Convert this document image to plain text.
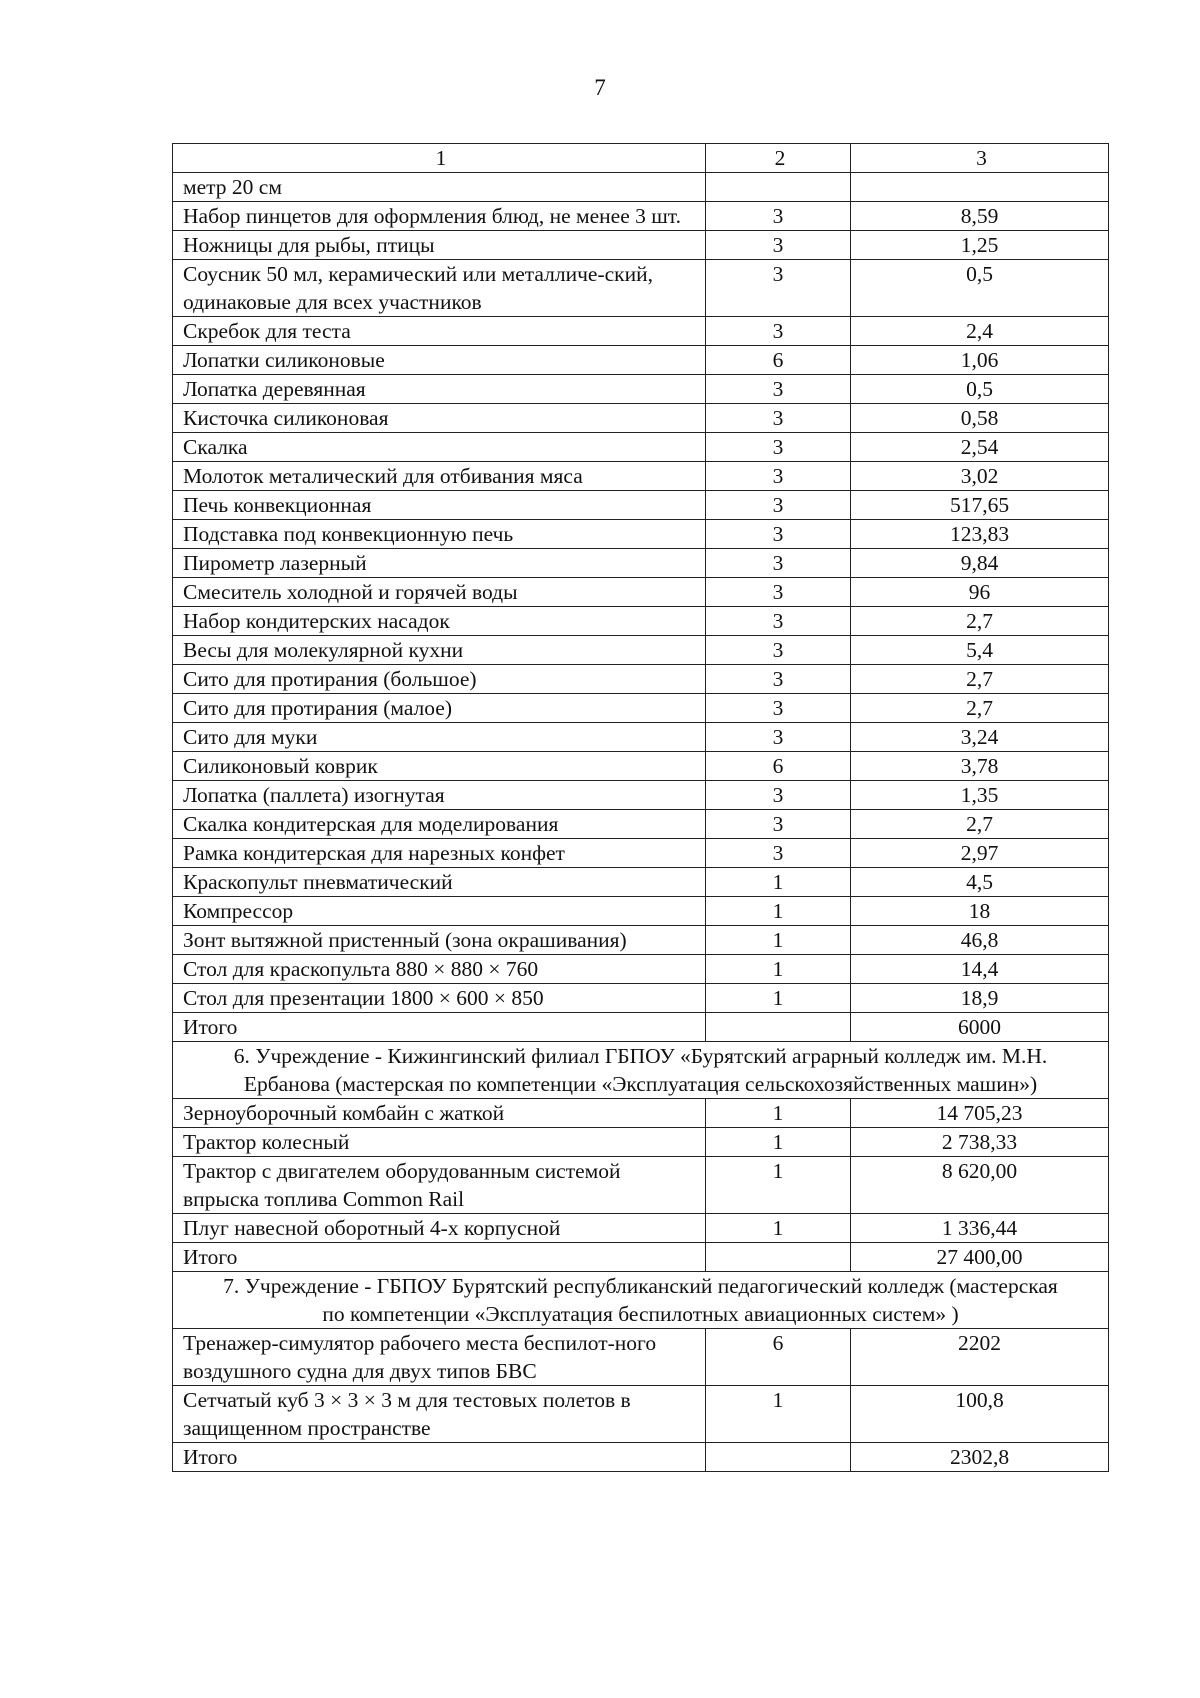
7
1	2	3
метр 20 см		
Набор пинцетов для оформления блюд, не менее 3 шт.	3	8,59
Ножницы для рыбы, птицы	3	1,25
Соусник 50 мл, керамический или металличе-ский, одинаковые для всех участников	3	0,5
Скребок для теста	3	2,4
Лопатки силиконовые	6	1,06
Лопатка деревянная	3	0,5
Кисточка силиконовая	3	0,58
Скалка	3	2,54
Молоток металический для отбивания мяса	3	3,02
Печь конвекционная	3	517,65
Подставка под конвекционную печь	3	123,83
Пирометр лазерный	3	9,84
Смеситель холодной и горячей воды	3	96
Набор кондитерских насадок	3	2,7
Весы для молекулярной кухни	3	5,4
Сито для протирания (большое)	3	2,7
Сито для протирания (малое)	3	2,7
Сито для муки	3	3,24
Силиконовый коврик	6	3,78
Лопатка (паллета) изогнутая	3	1,35
Скалка кондитерская для моделирования	3	2,7
Рамка кондитерская для нарезных конфет	3	2,97
Краскопульт пневматический	1	4,5
Компрессор	1	18
Зонт вытяжной пристенный (зона окрашивания)	1	46,8
Стол для краскопульта 880 × 880 × 760	1	14,4
Стол для презентации 1800 × 600 × 850	1	18,9
Итого		6000
6. Учреждение - Кижингинский филиал ГБПОУ «Бурятский аграрный колледж им. М.Н. Ербанова (мастерская по компетенции «Эксплуатация сельскохозяйственных машин»)		
Зерноуборочный комбайн с жаткой	1	14 705,23
Трактор колесный	1	2 738,33
Трактор с двигателем оборудованным системой впрыска топлива Common Rail	1	8 620,00
Плуг навесной оборотный 4-х корпусной	1	1 336,44
Итого		27 400,00
7. Учреждение - ГБПОУ Бурятский республиканский педагогический колледж (мастерская по компетенции «Эксплуатация беспилотных авиационных систем» )		
Тренажер-симулятор рабочего места беспилот-ного воздушного судна для двух типов БВС	6	2202
Сетчатый куб 3 × 3 × 3 м для тестовых полетов в защищенном пространстве	1	100,8
Итого		2302,8
